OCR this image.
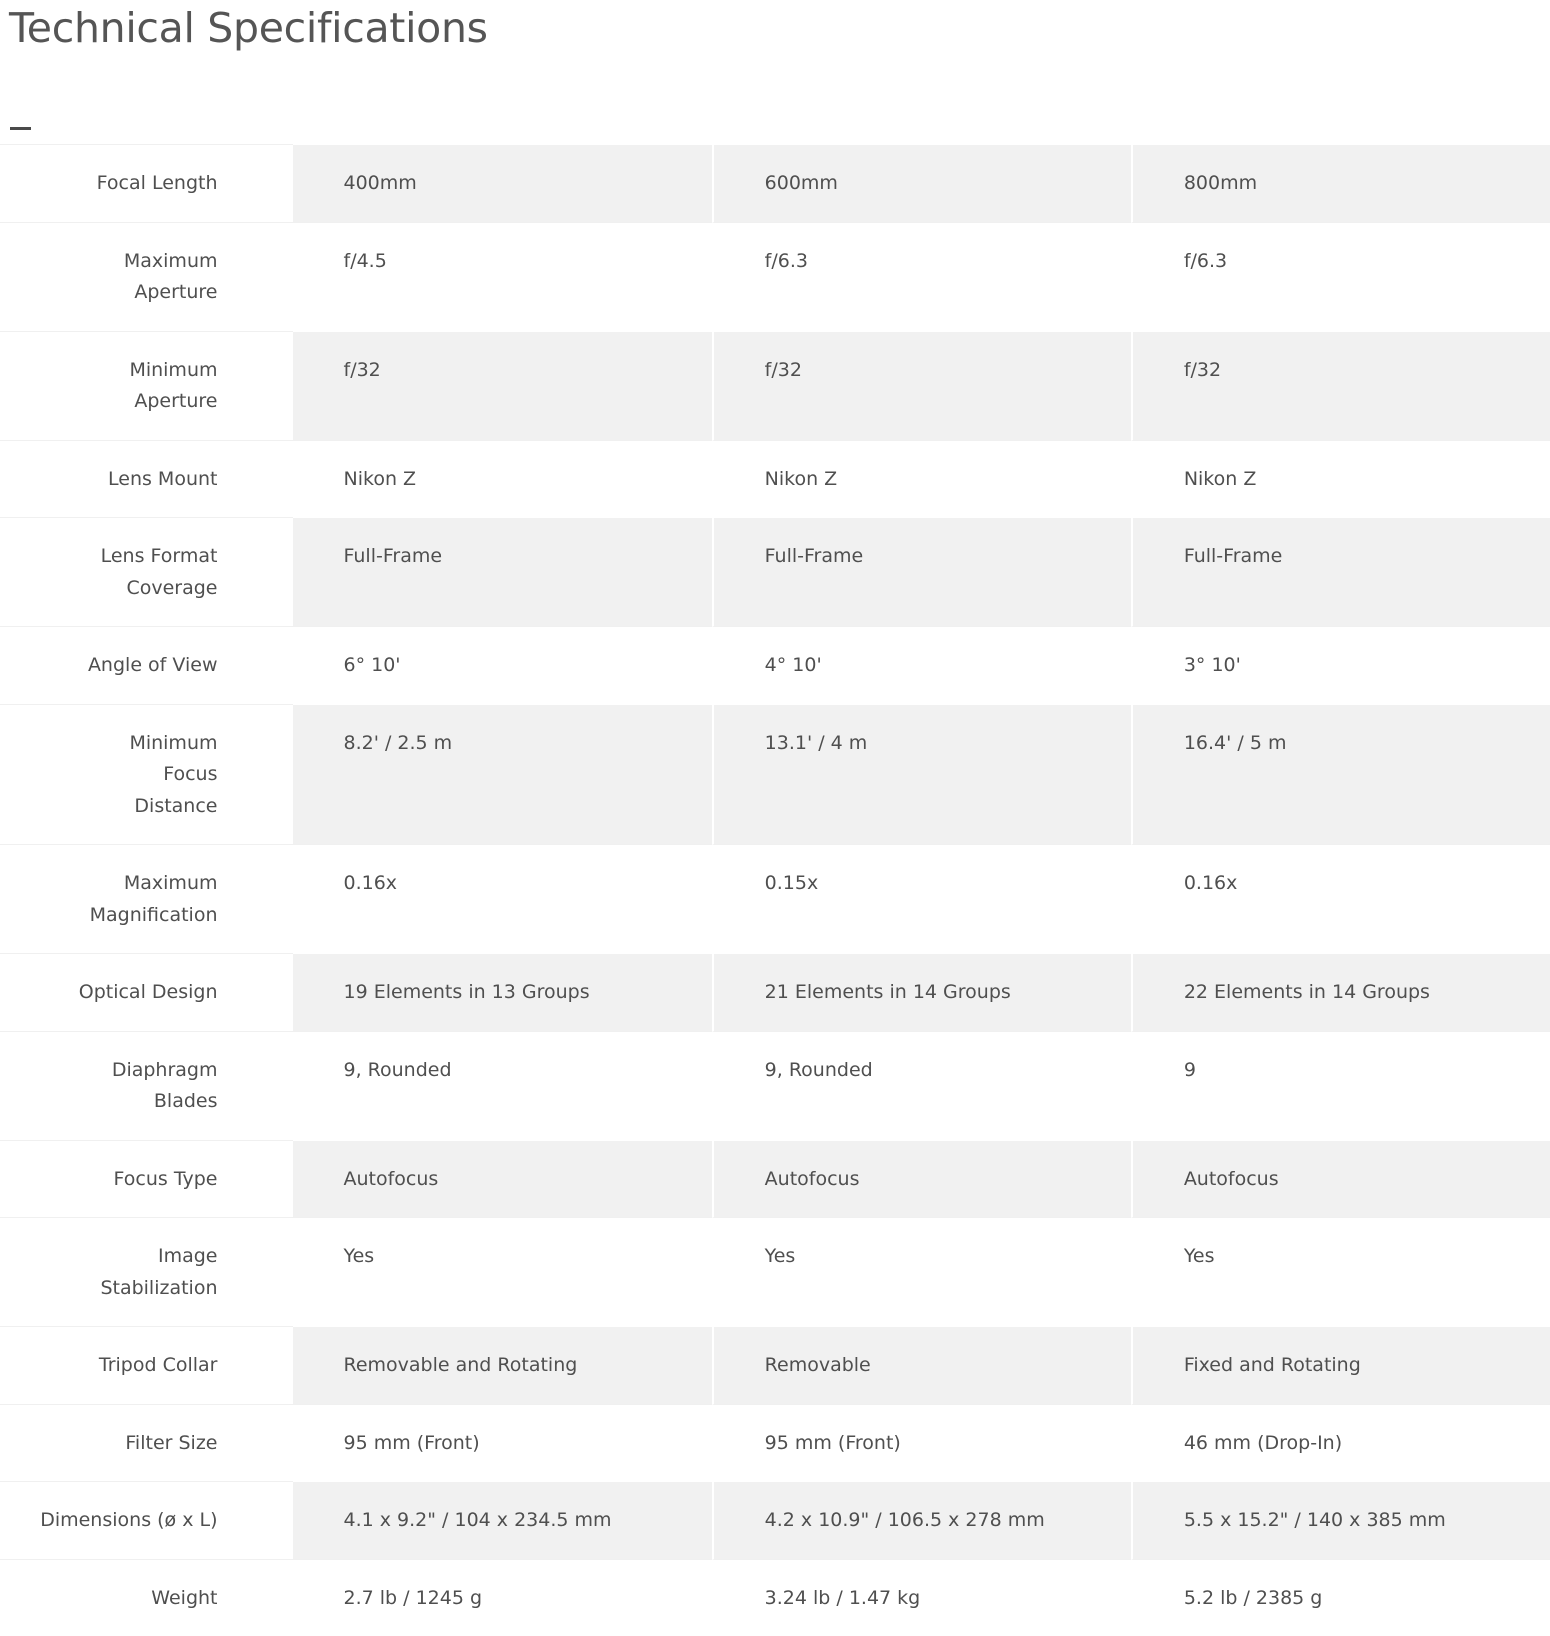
Technical Specifications
Focal Length	400mm	600mm	800mm
Maximum Aperture	f/4.5	f/6.3	f/6.3
Minimum Aperture	f/32	f/32	f/32
Lens Mount	Nikon Z	Nikon Z	Nikon Z
Lens Format Coverage	Full-Frame	Full-Frame	Full-Frame
Angle of View	6° 10'	4° 10'	3° 10'
Minimum Focus Distance	8.2' / 2.5 m	13.1' / 4 m	16.4' / 5 m
Maximum Magnification	0.16x	0.15x	0.16x
Optical Design	19 Elements in 13 Groups	21 Elements in 14 Groups	22 Elements in 14 Groups
Diaphragm Blades	9, Rounded	9, Rounded	9
Focus Type	Autofocus	Autofocus	Autofocus
Image Stabilization	Yes	Yes	Yes
Tripod Collar	Removable and Rotating	Removable	Fixed and Rotating
Filter Size	95 mm (Front)	95 mm (Front)	46 mm (Drop-In)
Dimensions (ø x L)	4.1 x 9.2" / 104 x 234.5 mm	4.2 x 10.9" / 106.5 x 278 mm	5.5 x 15.2" / 140 x 385 mm
Weight	2.7 lb / 1245 g	3.24 lb / 1.47 kg	5.2 lb / 2385 g
